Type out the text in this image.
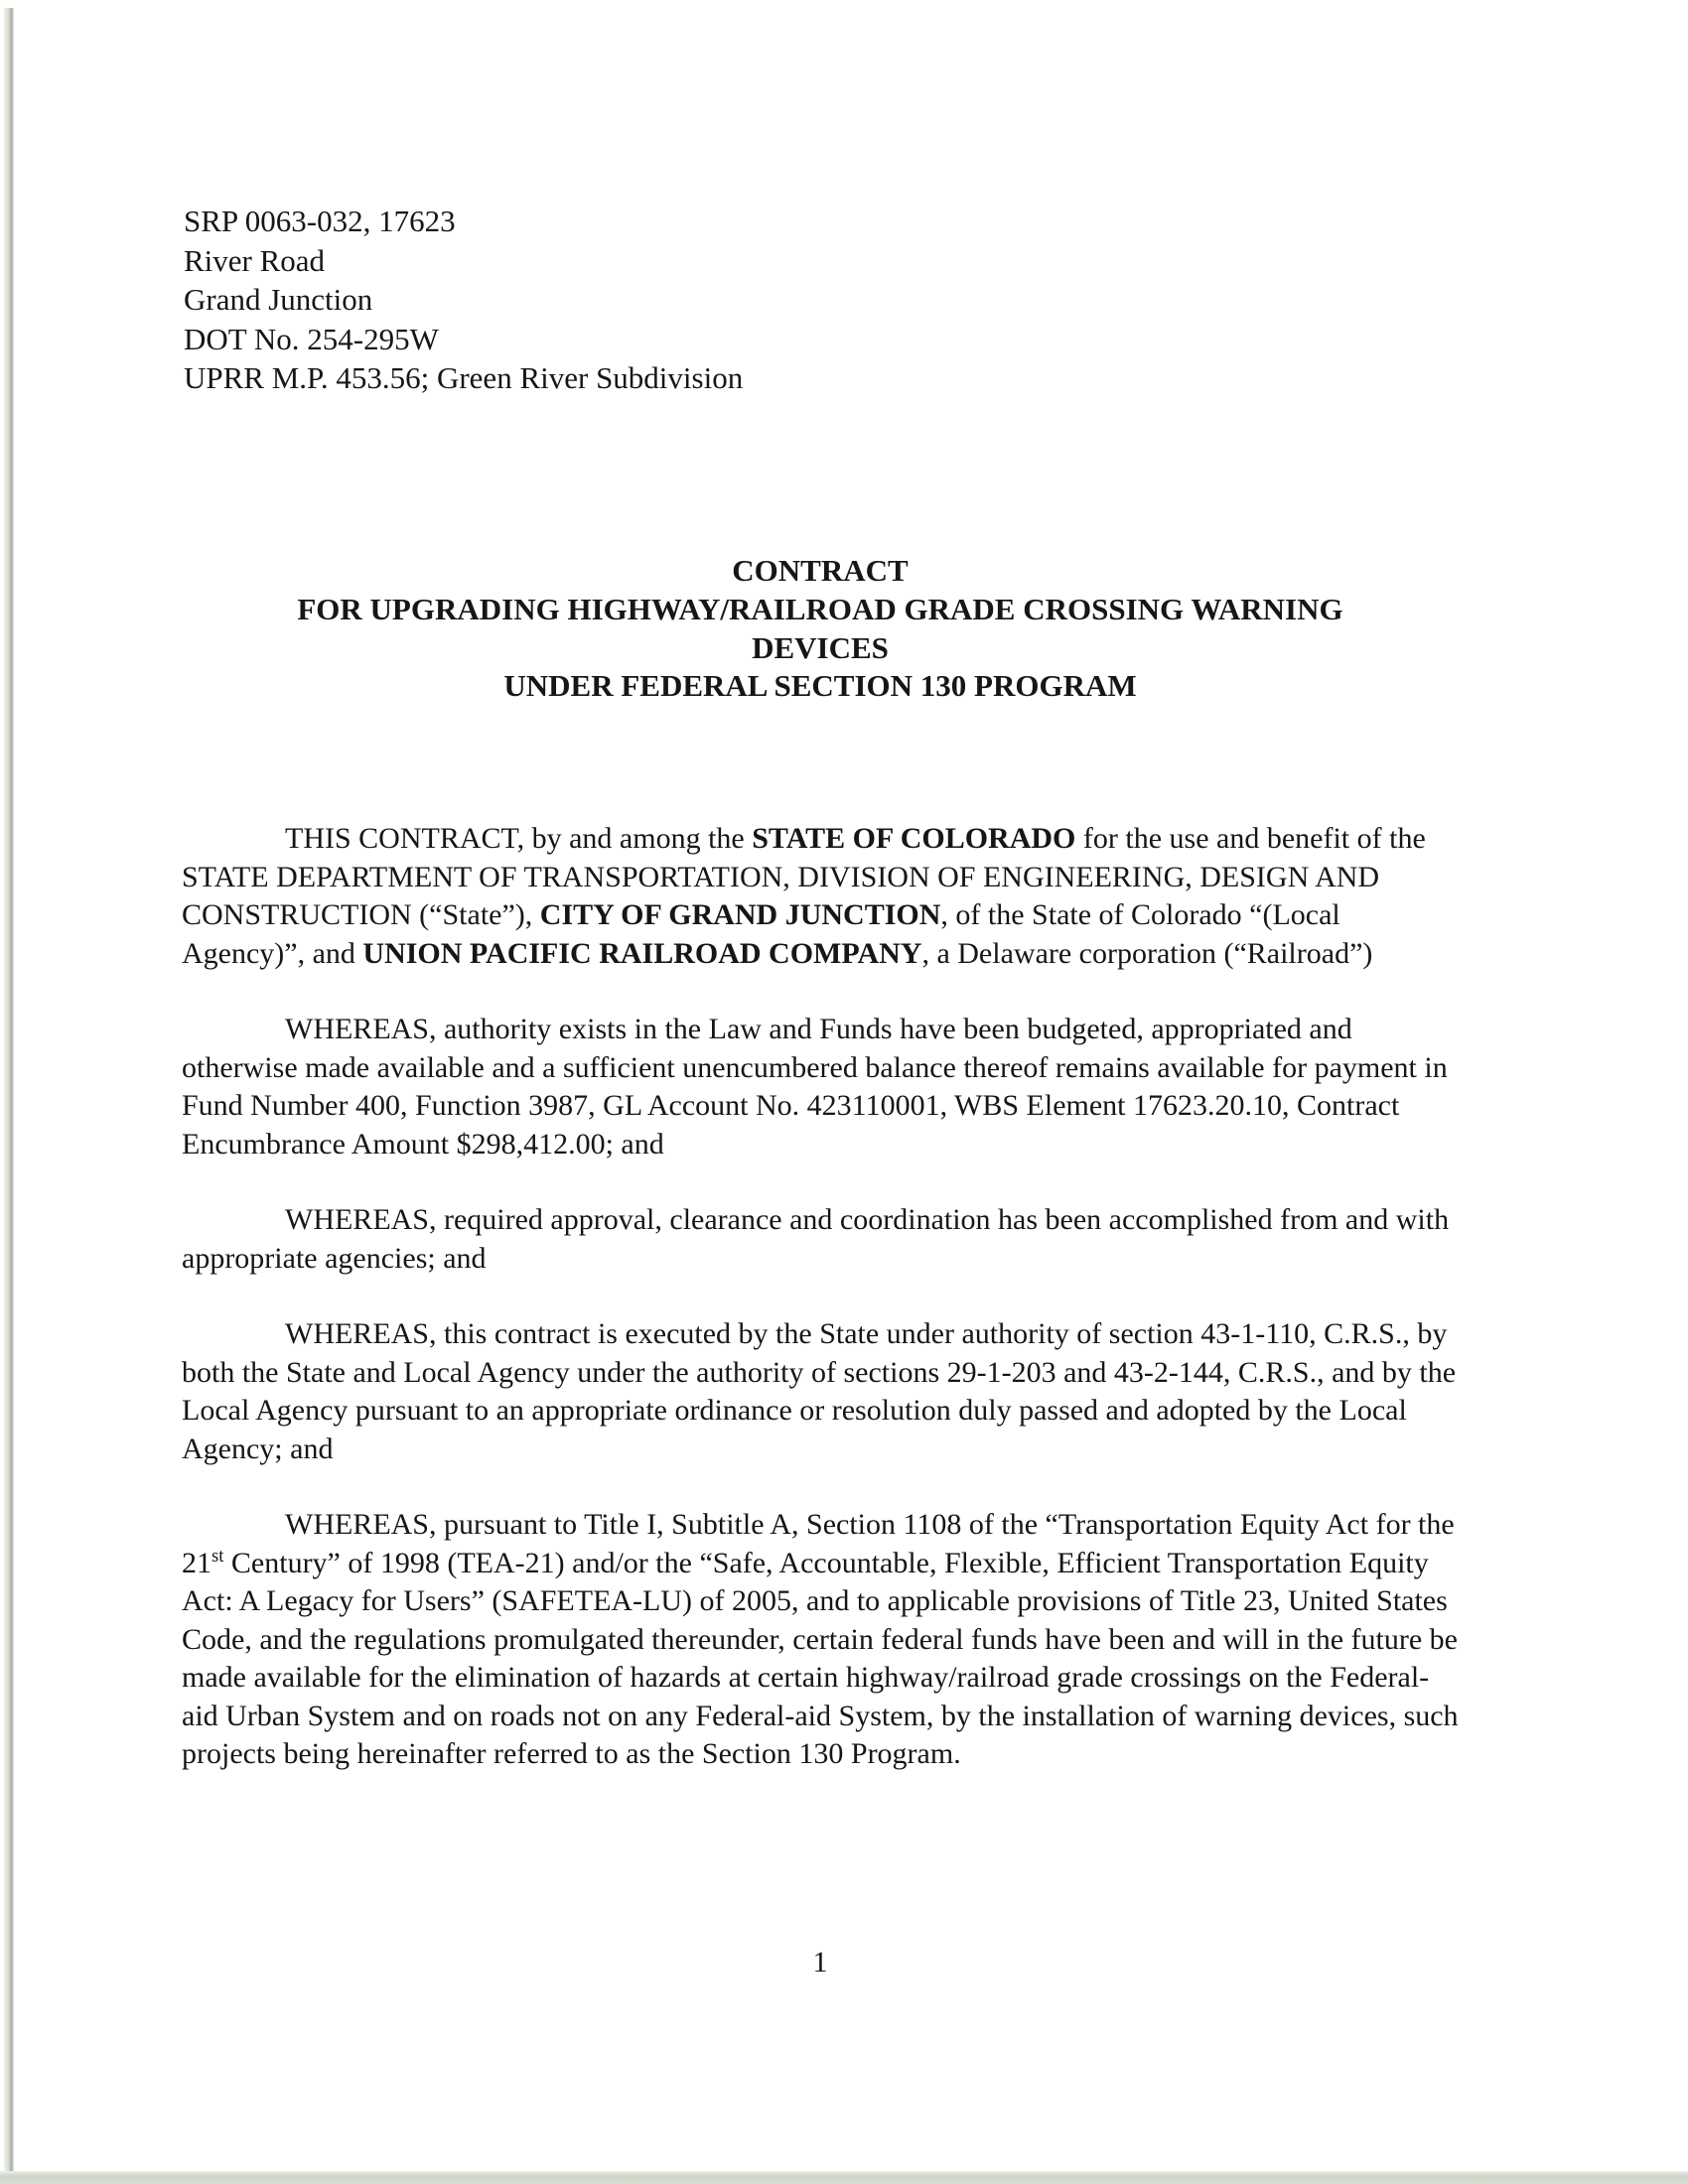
SRP 0063-032, 17623
River Road
Grand Junction
DOT No. 254-295W
UPRR M.P. 453.56; Green River Subdivision
CONTRACT
FOR UPGRADING HIGHWAY/RAILROAD GRADE CROSSING WARNING
DEVICES
UNDER FEDERAL SECTION 130 PROGRAM

THIS CONTRACT, by and among the STATE OF COLORADO for the use and benefit of the STATE DEPARTMENT OF TRANSPORTATION, DIVISION OF ENGINEERING, DESIGN AND CONSTRUCTION (“State”), CITY OF GRAND JUNCTION, of the State of Colorado “(Local Agency)”, and UNION PACIFIC RAILROAD COMPANY, a Delaware corporation (“Railroad”)

WHEREAS, authority exists in the Law and Funds have been budgeted, appropriated and otherwise made available and a sufficient unencumbered balance thereof remains available for payment in Fund Number 400, Function 3987, GL Account No. 423110001, WBS Element 17623.20.10, Contract Encumbrance Amount $298,412.00; and

WHEREAS, required approval, clearance and coordination has been accomplished from and with appropriate agencies; and

WHEREAS, this contract is executed by the State under authority of section 43-1-110, C.R.S., by both the State and Local Agency under the authority of sections 29-1-203 and 43-2-144, C.R.S., and by the Local Agency pursuant to an appropriate ordinance or resolution duly passed and adopted by the Local Agency; and

WHEREAS, pursuant to Title I, Subtitle A, Section 1108 of the “Transportation Equity Act for the 21st Century” of 1998 (TEA-21) and/or the “Safe, Accountable, Flexible, Efficient Transportation Equity Act: A Legacy for Users” (SAFETEA-LU) of 2005, and to applicable provisions of Title 23, United States Code, and the regulations promulgated thereunder, certain federal funds have been and will in the future be made available for the elimination of hazards at certain highway/railroad grade crossings on the Federal-aid Urban System and on roads not on any Federal-aid System, by the installation of warning devices, such projects being hereinafter referred to as the Section 130 Program.

1
